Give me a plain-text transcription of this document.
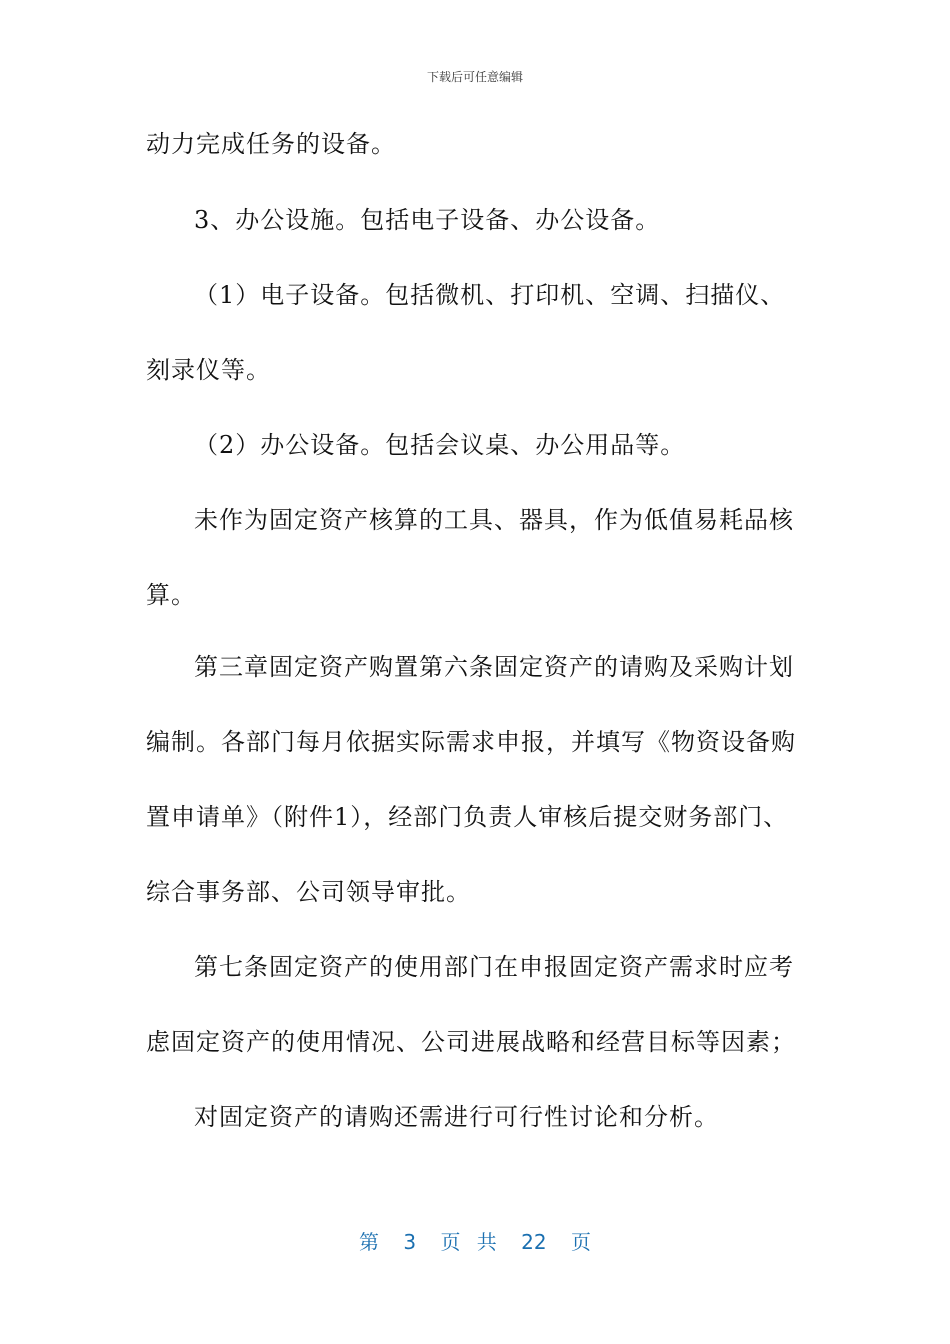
下载后可任意编辑

动力完成任务的设备。

3、办公设施。包括电子设备、办公设备。

（1）电子设备。包括微机、打印机、空调、扫描仪、刻录仪等。

（2）办公设备。包括会议桌、办公用品等。

未作为固定资产核算的工具、器具，作为低值易耗品核算。

第三章固定资产购置第六条固定资产的请购及采购计划编制。各部门每月依据实际需求申报，并填写《物资设备购置申请单》（附件1），经部门负责人审核后提交财务部门、综合事务部、公司领导审批。

第七条固定资产的使用部门在申报固定资产需求时应考虑固定资产的使用情况、公司进展战略和经营目标等因素；

对固定资产的请购还需进行可行性讨论和分析。

第 3 页 共 22 页
